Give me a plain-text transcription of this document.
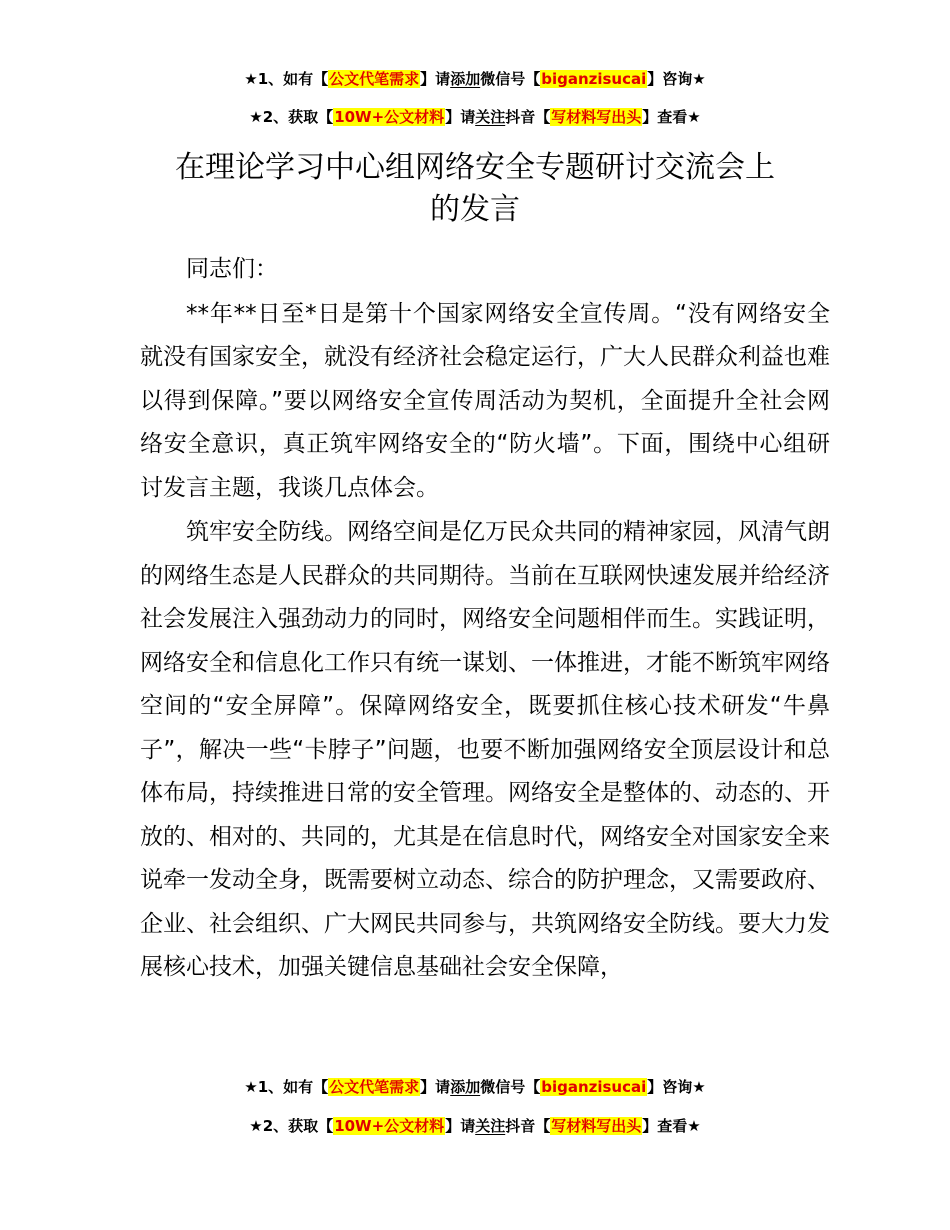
★1、如有【公文代笔需求】请添加微信号【biganzisucai】咨询★
★2、获取【10W+公文材料】请关注抖音【写材料写出头】查看★
在理论学习中心组网络安全专题研讨交流会上
的发言

同志们：

**年**日至*日是第十个国家网络安全宣传周。“没有网络安全就没有国家安全，就没有经济社会稳定运行，广大人民群众利益也难以得到保障。”要以网络安全宣传周活动为契机，全面提升全社会网络安全意识，真正筑牢网络安全的“防火墙”。下面，围绕中心组研讨发言主题，我谈几点体会。

筑牢安全防线。网络空间是亿万民众共同的精神家园，风清气朗的网络生态是人民群众的共同期待。当前在互联网快速发展并给经济社会发展注入强劲动力的同时，网络安全问题相伴而生。实践证明，网络安全和信息化工作只有统一谋划、一体推进，才能不断筑牢网络空间的“安全屏障”。保障网络安全，既要抓住核心技术研发“牛鼻子”，解决一些“卡脖子”问题，也要不断加强网络安全顶层设计和总体布局，持续推进日常的安全管理。网络安全是整体的、动态的、开放的、相对的、共同的，尤其是在信息时代，网络安全对国家安全来说牵一发动全身，既需要树立动态、综合的防护理念，又需要政府、企业、社会组织、广大网民共同参与，共筑网络安全防线。要大力发展核心技术，加强关键信息基础社会安全保障，

★1、如有【公文代笔需求】请添加微信号【biganzisucai】咨询★
★2、获取【10W+公文材料】请关注抖音【写材料写出头】查看★
